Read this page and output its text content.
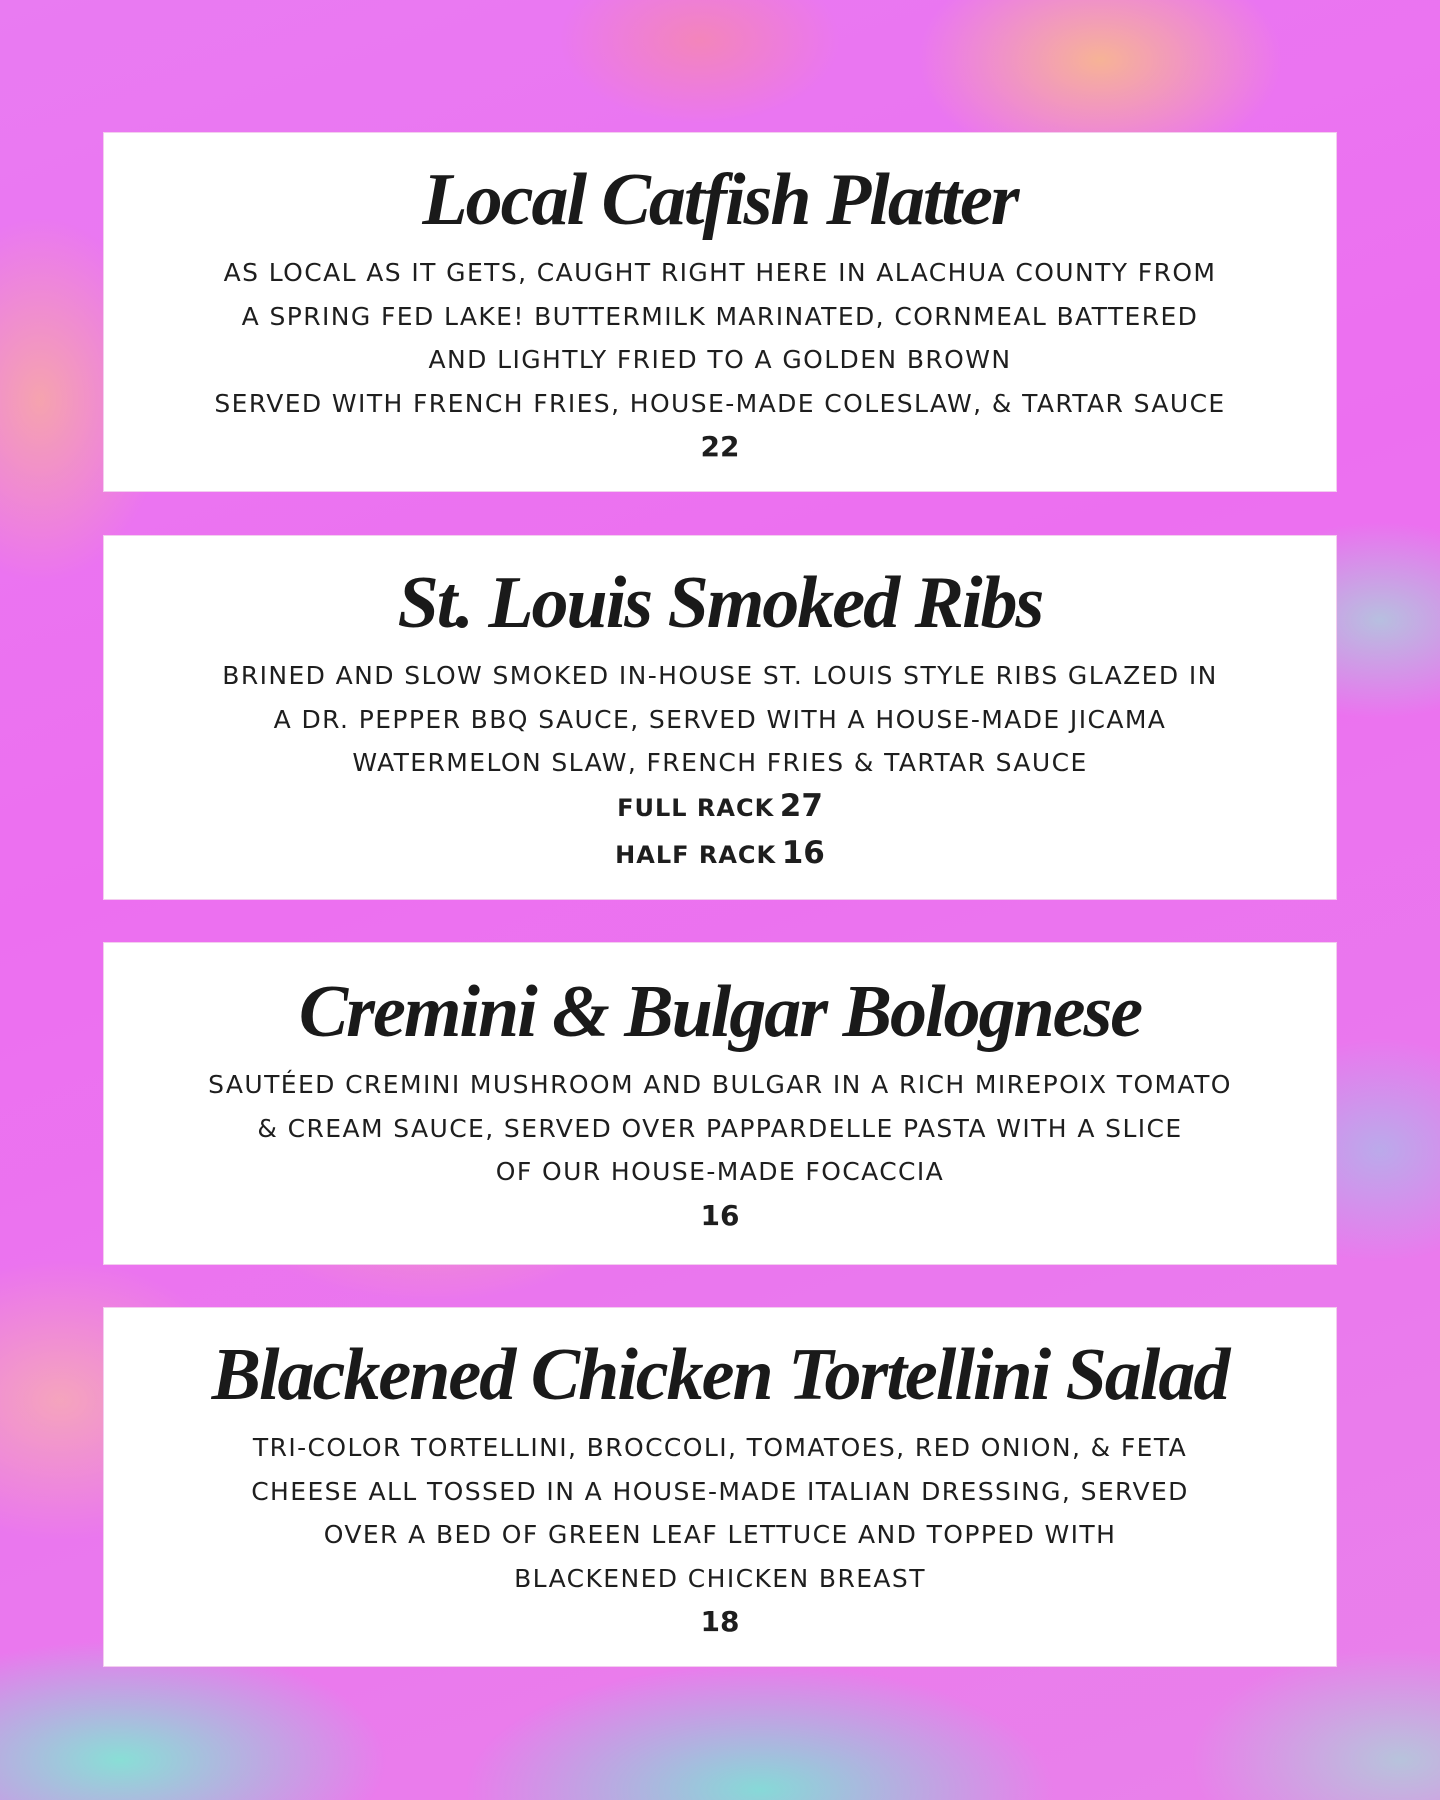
Local Catfish Platter

AS LOCAL AS IT GETS, CAUGHT RIGHT HERE IN ALACHUA COUNTY FROM
A SPRING FED LAKE! BUTTERMILK MARINATED, CORNMEAL BATTERED
AND LIGHTLY FRIED TO A GOLDEN BROWN
SERVED WITH FRENCH FRIES, HOUSE-MADE COLESLAW, & TARTAR SAUCE

22
St. Louis Smoked Ribs

BRINED AND SLOW SMOKED IN-HOUSE ST. LOUIS STYLE RIBS GLAZED IN
A DR. PEPPER BBQ SAUCE, SERVED WITH A HOUSE-MADE JICAMA
WATERMELON SLAW, FRENCH FRIES & TARTAR SAUCE

FULL RACK 27
HALF RACK 16
Cremini & Bulgar Bolognese

SAUTÉED CREMINI MUSHROOM AND BULGAR IN A RICH MIREPOIX TOMATO
& CREAM SAUCE, SERVED OVER PAPPARDELLE PASTA WITH A SLICE
OF OUR HOUSE-MADE FOCACCIA

16
Blackened Chicken Tortellini Salad

TRI-COLOR TORTELLINI, BROCCOLI, TOMATOES, RED ONION, & FETA
CHEESE ALL TOSSED IN A HOUSE-MADE ITALIAN DRESSING, SERVED
OVER A BED OF GREEN LEAF LETTUCE AND TOPPED WITH
BLACKENED CHICKEN BREAST

18
